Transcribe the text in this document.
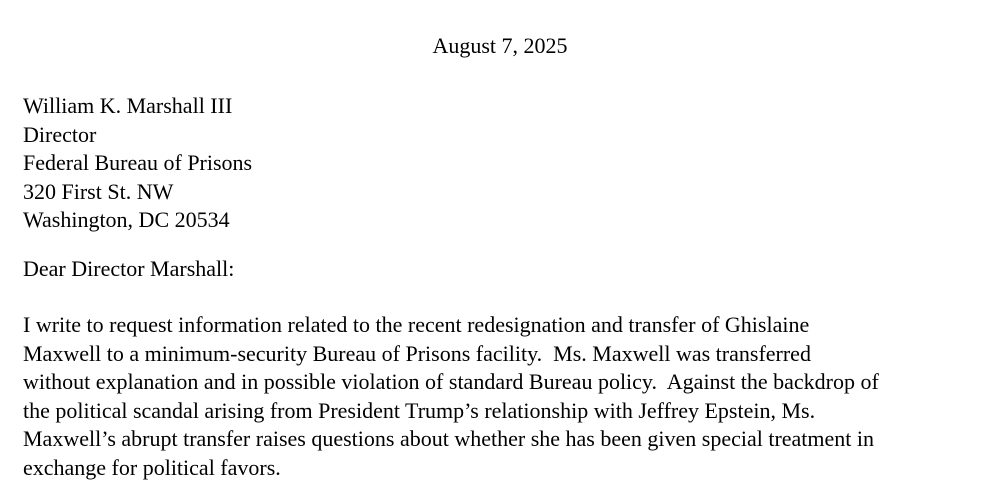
August 7, 2025

William K. Marshall III
Director
Federal Bureau of Prisons
320 First St. NW
Washington, DC 20534

Dear Director Marshall:

I write to request information related to the recent redesignation and transfer of Ghislaine
Maxwell to a minimum-security Bureau of Prisons facility.  Ms. Maxwell was transferred
without explanation and in possible violation of standard Bureau policy.  Against the backdrop of
the political scandal arising from President Trump’s relationship with Jeffrey Epstein, Ms.
Maxwell’s abrupt transfer raises questions about whether she has been given special treatment in
exchange for political favors.
